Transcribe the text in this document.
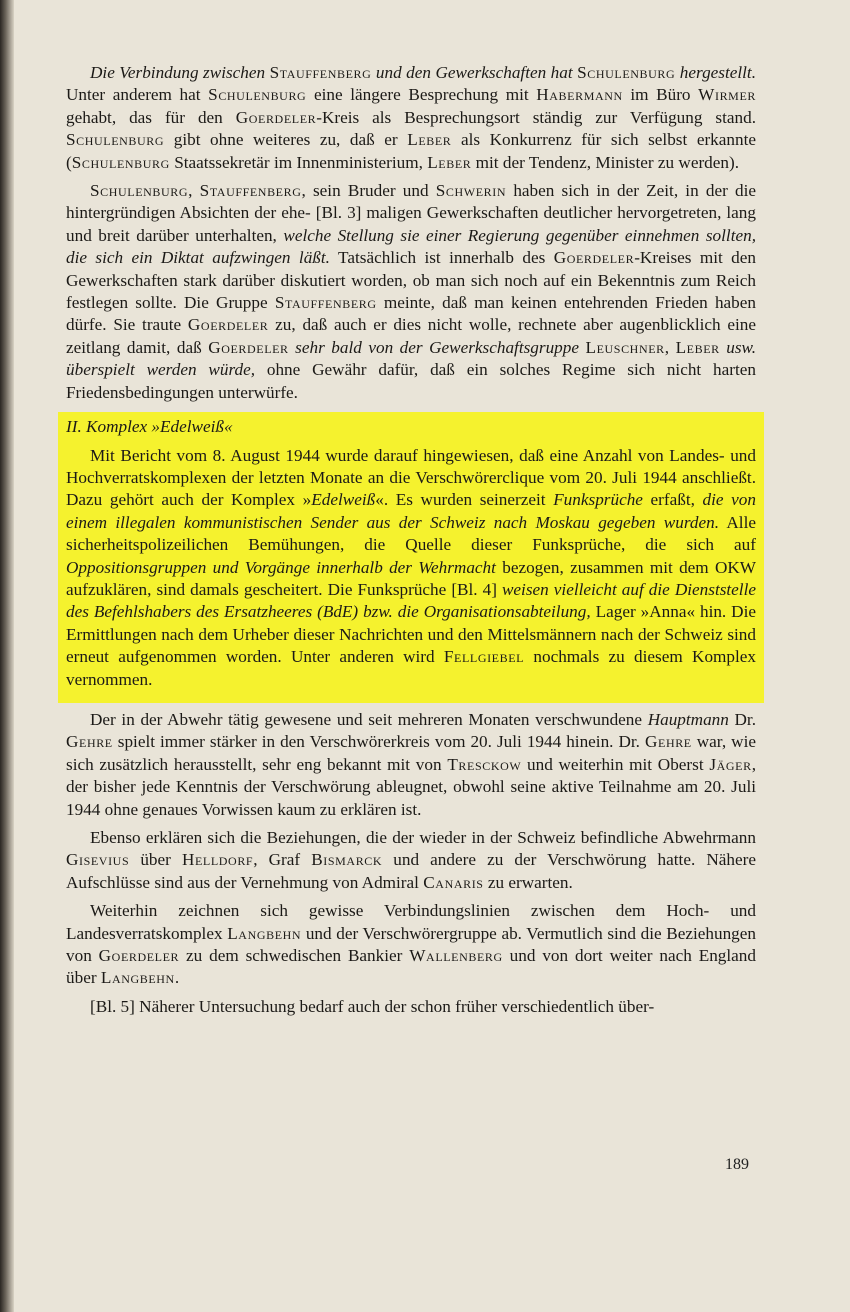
Die Verbindung zwischen Stauffenberg und den Gewerkschaften hat Schulenburg hergestellt. Unter anderem hat Schulenburg eine längere Besprechung mit Habermann im Büro Wirmer gehabt, das für den Goerdeler-Kreis als Besprechungsort ständig zur Verfügung stand. Schulenburg gibt ohne weiteres zu, daß er Leber als Konkurrenz für sich selbst erkannte (Schulenburg Staatssekretär im Innenministerium, Leber mit der Tendenz, Minister zu werden).

Schulenburg, Stauffenberg, sein Bruder und Schwerin haben sich in der Zeit, in der die hintergründigen Absichten der ehe- [Bl. 3] maligen Gewerkschaften deutlicher hervorgetreten, lang und breit darüber unterhalten, welche Stellung sie einer Regierung gegenüber einnehmen sollten, die sich ein Diktat aufzwingen läßt. Tatsächlich ist innerhalb des Goerdeler-Kreises mit den Gewerkschaften stark darüber diskutiert worden, ob man sich noch auf ein Bekenntnis zum Reich festlegen sollte. Die Gruppe Stauffenberg meinte, daß man keinen entehrenden Frieden haben dürfe. Sie traute Goerdeler zu, daß auch er dies nicht wolle, rechnete aber augenblicklich eine zeitlang damit, daß Goerdeler sehr bald von der Gewerkschaftsgruppe Leuschner, Leber usw. überspielt werden würde, ohne Gewähr dafür, daß ein solches Regime sich nicht harten Friedensbedingungen unterwürfe.

II. Komplex »Edelweiß«

Mit Bericht vom 8. August 1944 wurde darauf hingewiesen, daß eine Anzahl von Landes- und Hochverratskomplexen der letzten Monate an die Verschwörerclique vom 20. Juli 1944 anschließt. Dazu gehört auch der Komplex »Edelweiß«. Es wurden seinerzeit Funksprüche erfaßt, die von einem illegalen kommunistischen Sender aus der Schweiz nach Moskau gegeben wurden. Alle sicherheitspolizeilichen Bemühungen, die Quelle dieser Funksprüche, die sich auf Oppositionsgruppen und Vorgänge innerhalb der Wehrmacht bezogen, zusammen mit dem OKW aufzuklären, sind damals gescheitert. Die Funksprüche [Bl. 4] weisen vielleicht auf die Dienststelle des Befehlshabers des Ersatzheeres (BdE) bzw. die Organisationsabteilung, Lager »Anna« hin. Die Ermittlungen nach dem Urheber dieser Nachrichten und den Mittelsmännern nach der Schweiz sind erneut aufgenommen worden. Unter anderen wird Fellgiebel nochmals zu diesem Komplex vernommen.

Der in der Abwehr tätig gewesene und seit mehreren Monaten verschwundene Hauptmann Dr. Gehre spielt immer stärker in den Verschwörerkreis vom 20. Juli 1944 hinein. Dr. Gehre war, wie sich zusätzlich herausstellt, sehr eng bekannt mit von Tresckow und weiterhin mit Oberst Jäger, der bisher jede Kenntnis der Verschwörung ableugnet, obwohl seine aktive Teilnahme am 20. Juli 1944 ohne genaues Vorwissen kaum zu erklären ist.

Ebenso erklären sich die Beziehungen, die der wieder in der Schweiz befindliche Abwehrmann Gisevius über Helldorf, Graf Bismarck und andere zu der Verschwörung hatte. Nähere Aufschlüsse sind aus der Vernehmung von Admiral Canaris zu erwarten.

Weiterhin zeichnen sich gewisse Verbindungslinien zwischen dem Hoch- und Landesverratskomplex Langbehn und der Verschwörergruppe ab. Vermutlich sind die Beziehungen von Goerdeler zu dem schwedischen Bankier Wallenberg und von dort weiter nach England über Langbehn.

[Bl. 5] Näherer Untersuchung bedarf auch der schon früher verschiedentlich über-

189
